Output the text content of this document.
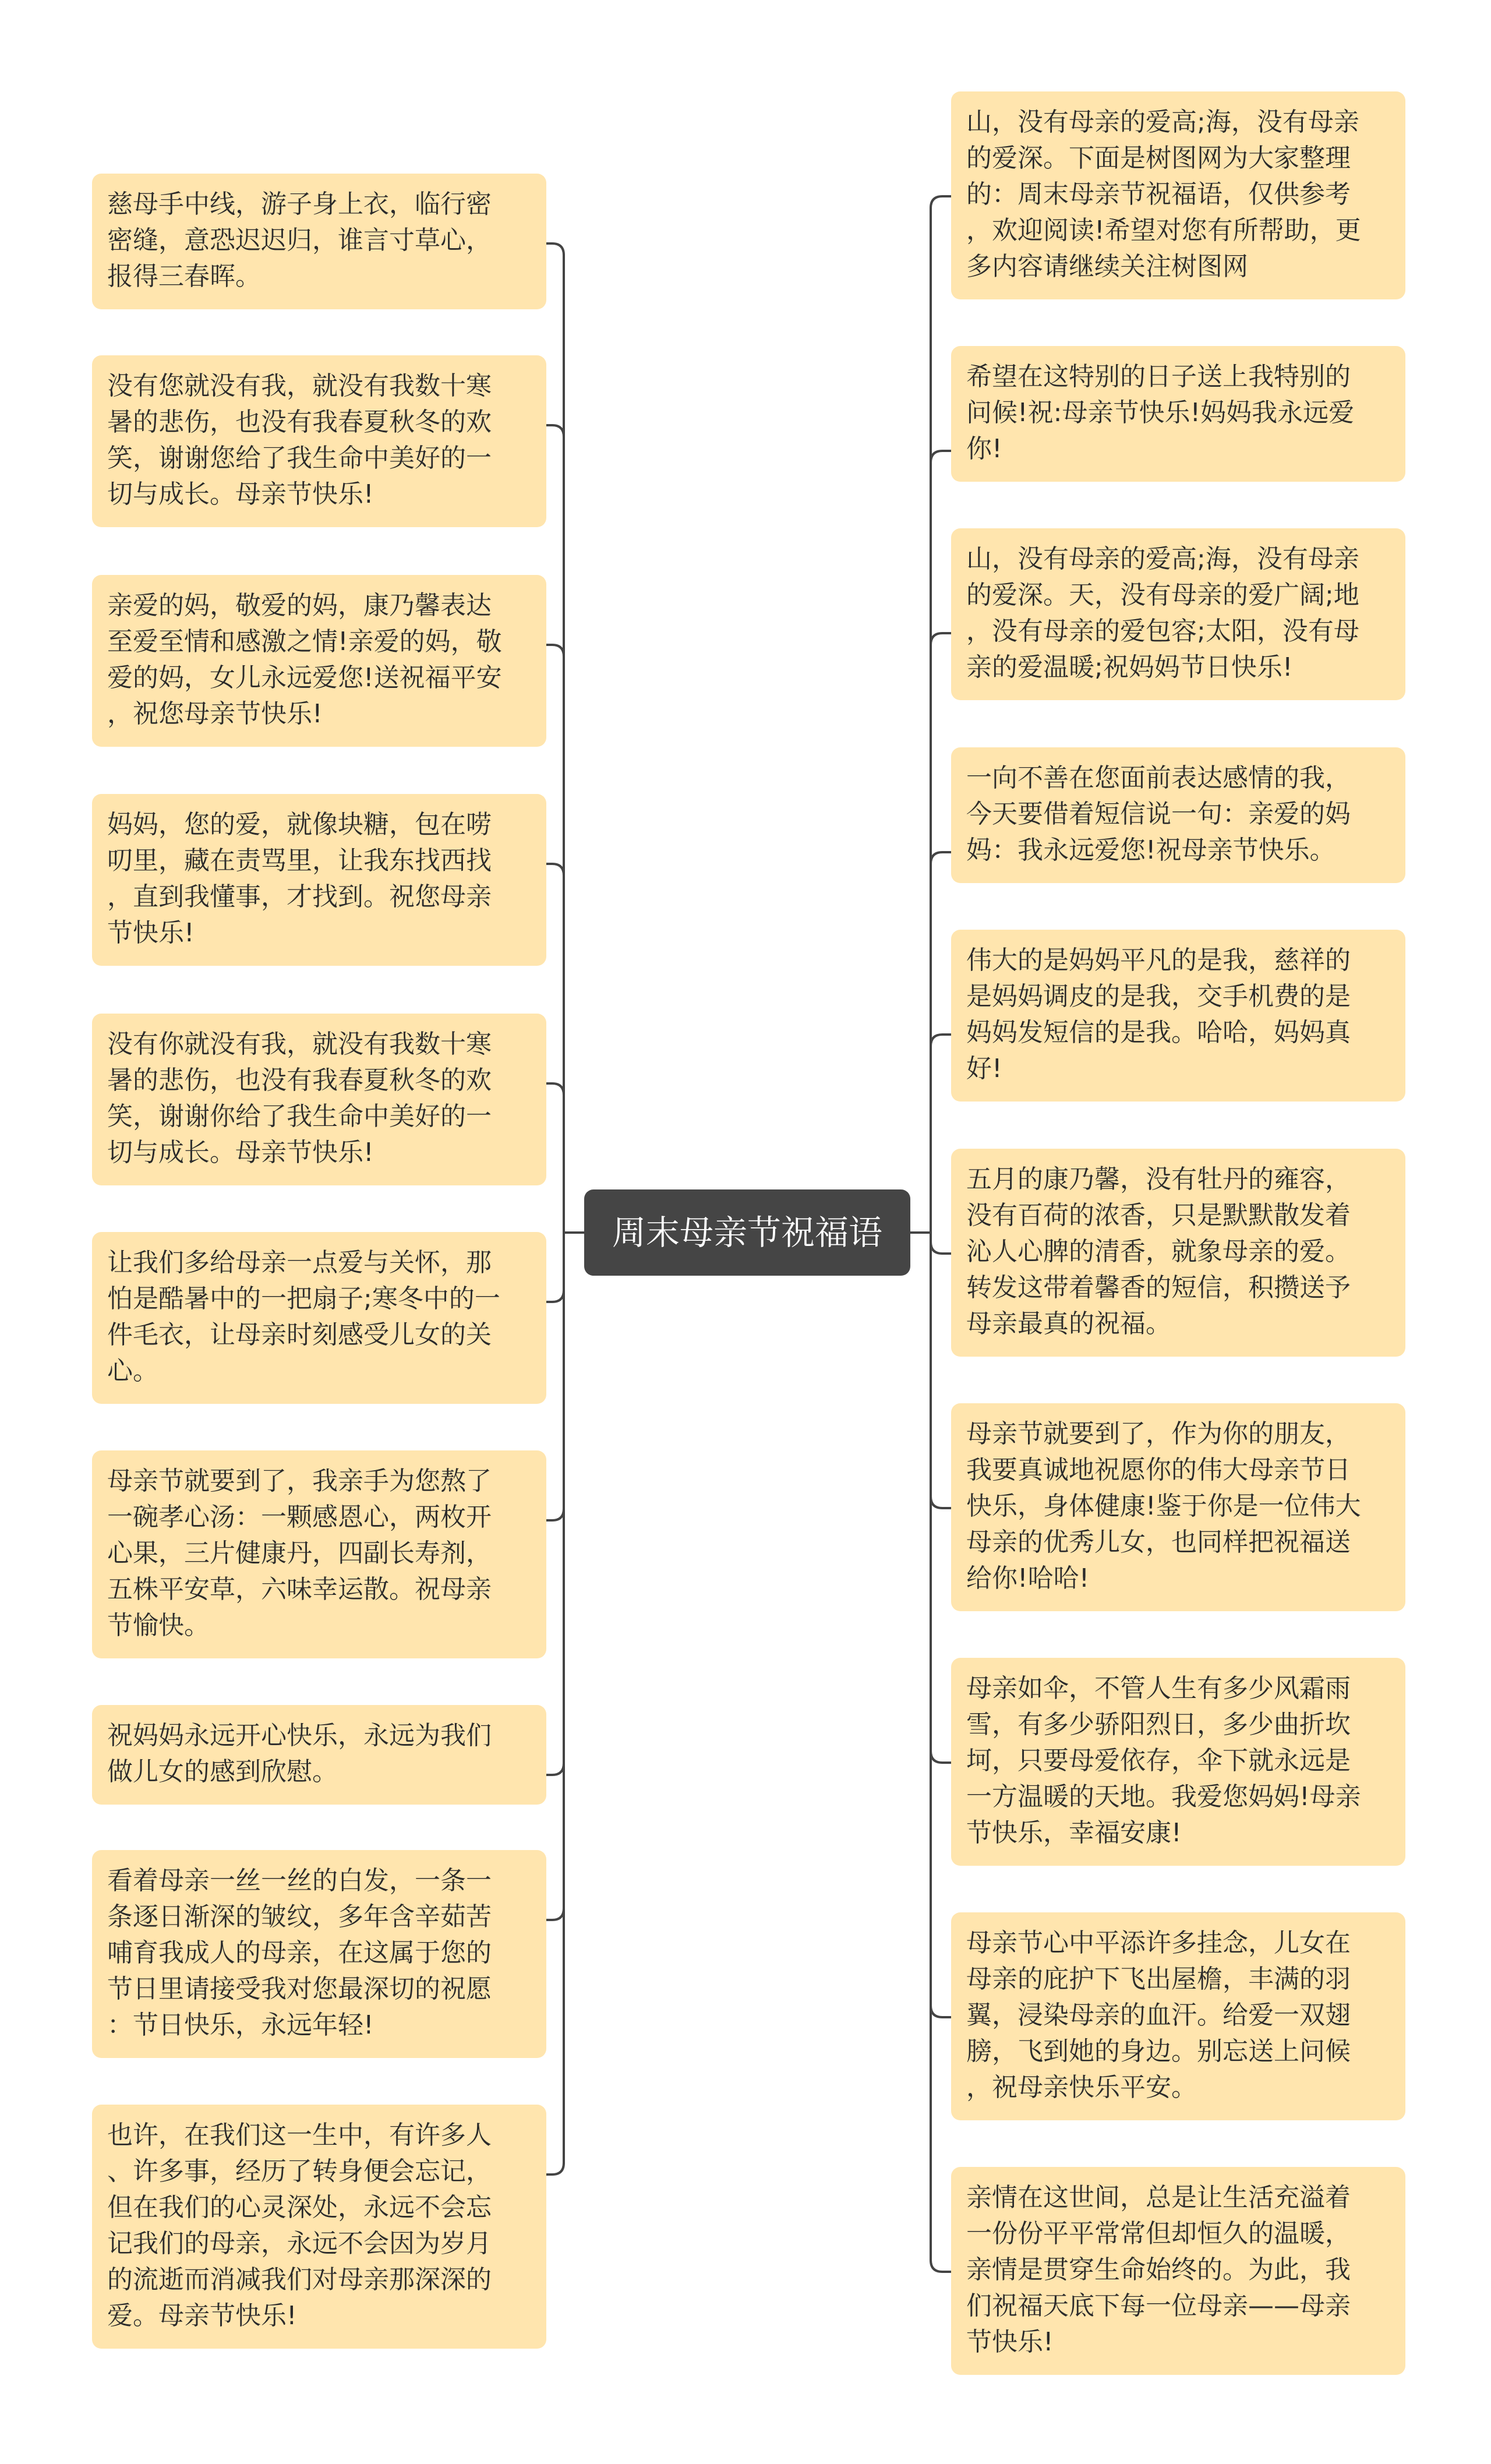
周末母亲节祝福语
慈母手中线，游子身上衣，临行密
密缝，意恐迟迟归，谁言寸草心，
报得三春晖。
没有您就没有我，就没有我数十寒
暑的悲伤，也没有我春夏秋冬的欢
笑，谢谢您给了我生命中美好的一
切与成长。母亲节快乐!
亲爱的妈，敬爱的妈，康乃馨表达
至爱至情和感激之情!亲爱的妈，敬
爱的妈，女儿永远爱您!送祝福平安
，祝您母亲节快乐!
妈妈，您的爱，就像块糖，包在唠
叨里，藏在责骂里，让我东找西找
，直到我懂事，才找到。祝您母亲
节快乐!
没有你就没有我，就没有我数十寒
暑的悲伤，也没有我春夏秋冬的欢
笑，谢谢你给了我生命中美好的一
切与成长。母亲节快乐!
让我们多给母亲一点爱与关怀，那
怕是酷暑中的一把扇子;寒冬中的一
件毛衣，让母亲时刻感受儿女的关
心。
母亲节就要到了，我亲手为您熬了
一碗孝心汤：一颗感恩心，两枚开
心果，三片健康丹，四副长寿剂，
五株平安草，六味幸运散。祝母亲
节愉快。
祝妈妈永远开心快乐，永远为我们
做儿女的感到欣慰。
看着母亲一丝一丝的白发，一条一
条逐日渐深的皱纹，多年含辛茹苦
哺育我成人的母亲，在这属于您的
节日里请接受我对您最深切的祝愿
：节日快乐，永远年轻!
也许，在我们这一生中，有许多人
、许多事，经历了转身便会忘记，
但在我们的心灵深处，永远不会忘
记我们的母亲，永远不会因为岁月
的流逝而消减我们对母亲那深深的
爱。母亲节快乐!
山，没有母亲的爱高;海，没有母亲
的爱深。下面是树图网为大家整理
的：周末母亲节祝福语，仅供参考
，欢迎阅读!希望对您有所帮助，更
多内容请继续关注树图网
希望在这特别的日子送上我特别的
问候!祝:母亲节快乐!妈妈我永远爱
你!
山，没有母亲的爱高;海，没有母亲
的爱深。天，没有母亲的爱广阔;地
，没有母亲的爱包容;太阳，没有母
亲的爱温暖;祝妈妈节日快乐!
一向不善在您面前表达感情的我，
今天要借着短信说一句：亲爱的妈
妈：我永远爱您!祝母亲节快乐。
伟大的是妈妈平凡的是我，慈祥的
是妈妈调皮的是我，交手机费的是
妈妈发短信的是我。哈哈，妈妈真
好!
五月的康乃馨，没有牡丹的雍容，
没有百荷的浓香，只是默默散发着
沁人心脾的清香，就象母亲的爱。
转发这带着馨香的短信，积攒送予
母亲最真的祝福。
母亲节就要到了，作为你的朋友，
我要真诚地祝愿你的伟大母亲节日
快乐，身体健康!鉴于你是一位伟大
母亲的优秀儿女，也同样把祝福送
给你!哈哈!
母亲如伞，不管人生有多少风霜雨
雪，有多少骄阳烈日，多少曲折坎
坷，只要母爱依存，伞下就永远是
一方温暖的天地。我爱您妈妈!母亲
节快乐，幸福安康!
母亲节心中平添许多挂念，儿女在
母亲的庇护下飞出屋檐，丰满的羽
翼，浸染母亲的血汗。给爱一双翅
膀，飞到她的身边。别忘送上问候
，祝母亲快乐平安。
亲情在这世间，总是让生活充溢着
一份份平平常常但却恒久的温暖，
亲情是贯穿生命始终的。为此，我
们祝福天底下每一位母亲——母亲
节快乐!
